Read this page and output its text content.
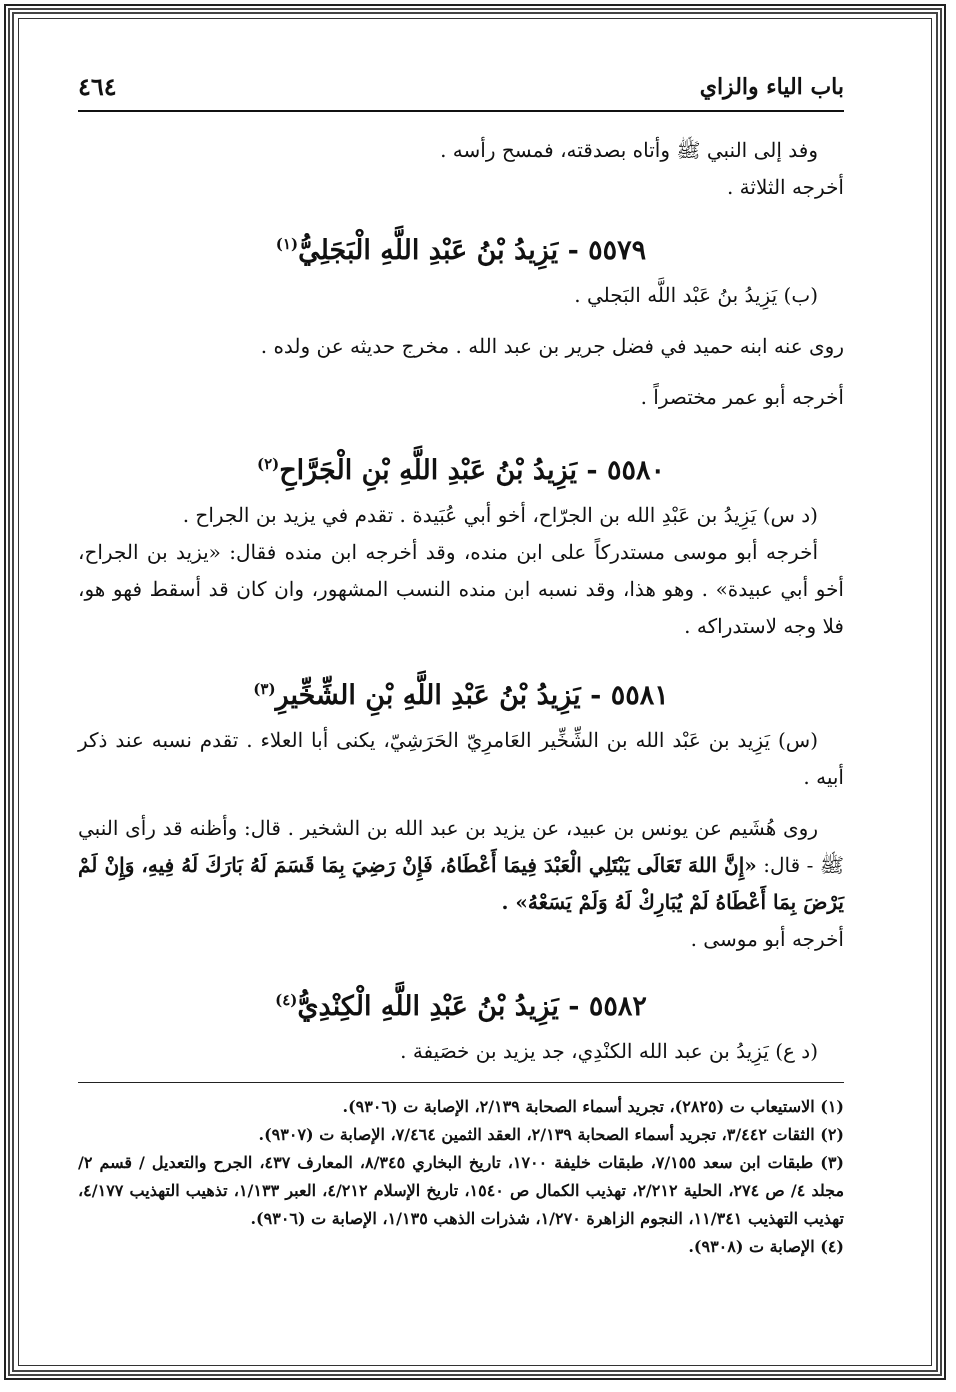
باب الياء والزاي
٤٦٤

وفد إلى النبي ﷺ وأتاه بصدقته، فمسح رأسه .

أخرجه الثلاثة .

٥٥٧٩ - يَزِيدُ بْنُ عَبْدِ اللَّهِ الْبَجَلِيُّ$^{(١)}$

(ب) يَزِيدُ بنُ عَبْد اللَّه البَجلي .

روى عنه ابنه حميد في فضل جرير بن عبد الله . مخرج حديثه عن ولده .

أخرجه أبو عمر مختصراً .

٥٥٨٠ - يَزِيدُ بْنُ عَبْدِ اللَّهِ بْنِ الْجَرَّاحِ$^{(٢)}$

(د س) يَزِيدُ بن عَبْدِ الله بن الجرّاح، أخو أبي عُبَيدة . تقدم في يزيد بن الجراح .

أخرجه أبو موسى مستدركاً على ابن منده، وقد أخرجه ابن منده فقال: «يزيد بن الجراح، أخو أبي عبيدة» . وهو هذا، وقد نسبه ابن منده النسب المشهور، وان كان قد أسقط فهو هو، فلا وجه لاستدراكه .

٥٥٨١ - يَزِيدُ بْنُ عَبْدِ اللَّهِ بْنِ الشِّخِّيرِ$^{(٣)}$

(س) يَزِيد بن عَبْد الله بن الشِّخِّير العَامرِيّ الحَرَشِيّ، يكنى أبا العلاء . تقدم نسبه عند ذكر أبيه .

روى هُشَيم عن يونس بن عبيد، عن يزيد بن عبد الله بن الشخير . قال: وأظنه قد رأى النبي ﷺ - قال: «إِنَّ اللهَ تَعَالَى يَبْتَلِي الْعَبْدَ فِيمَا أَعْطَاهُ، فَإِنْ رَضِيَ بِمَا قَسَمَ لَهُ بَارَكَ لَهُ فِيهِ، وَإِنْ لَمْ يَرْضَ بِمَا أَعْطَاهُ لَمْ يُبَارِكْ لَهُ وَلَمْ يَسَعْهُ» .

أخرجه أبو موسى .

٥٥٨٢ - يَزِيدُ بْنُ عَبْدِ اللَّهِ الْكِنْدِيُّ$^{(٤)}$

(د ع) يَزِيدُ بن عبد الله الكنْدِي، جد يزيد بن خصَيفة .

(١) الاستيعاب ت (٢٨٢٥)، تجريد أسماء الصحابة ٢/١٣٩، الإصابة ت (٩٣٠٦).

(٢) الثقات ٣/٤٤٢، تجريد أسماء الصحابة ٢/١٣٩، العقد الثمين ٧/٤٦٤، الإصابة ت (٩٣٠٧).

(٣) طبقات ابن سعد ٧/١٥٥، طبقات خليفة ١٧٠٠، تاريخ البخاري ٨/٣٤٥، المعارف ٤٣٧، الجرح والتعديل / قسم ٢/ مجلد ٤/ ص ٢٧٤، الحلية ٢/٢١٢، تهذيب الكمال ص ١٥٤٠، تاريخ الإسلام ٤/٢١٢، العبر ١/١٣٣، تذهيب التهذيب ٤/١٧٧، تهذيب التهذيب ١١/٣٤١، النجوم الزاهرة ١/٢٧٠، شذرات الذهب ١/١٣٥، الإصابة ت (٩٣٠٦).

(٤) الإصابة ت (٩٣٠٨).
